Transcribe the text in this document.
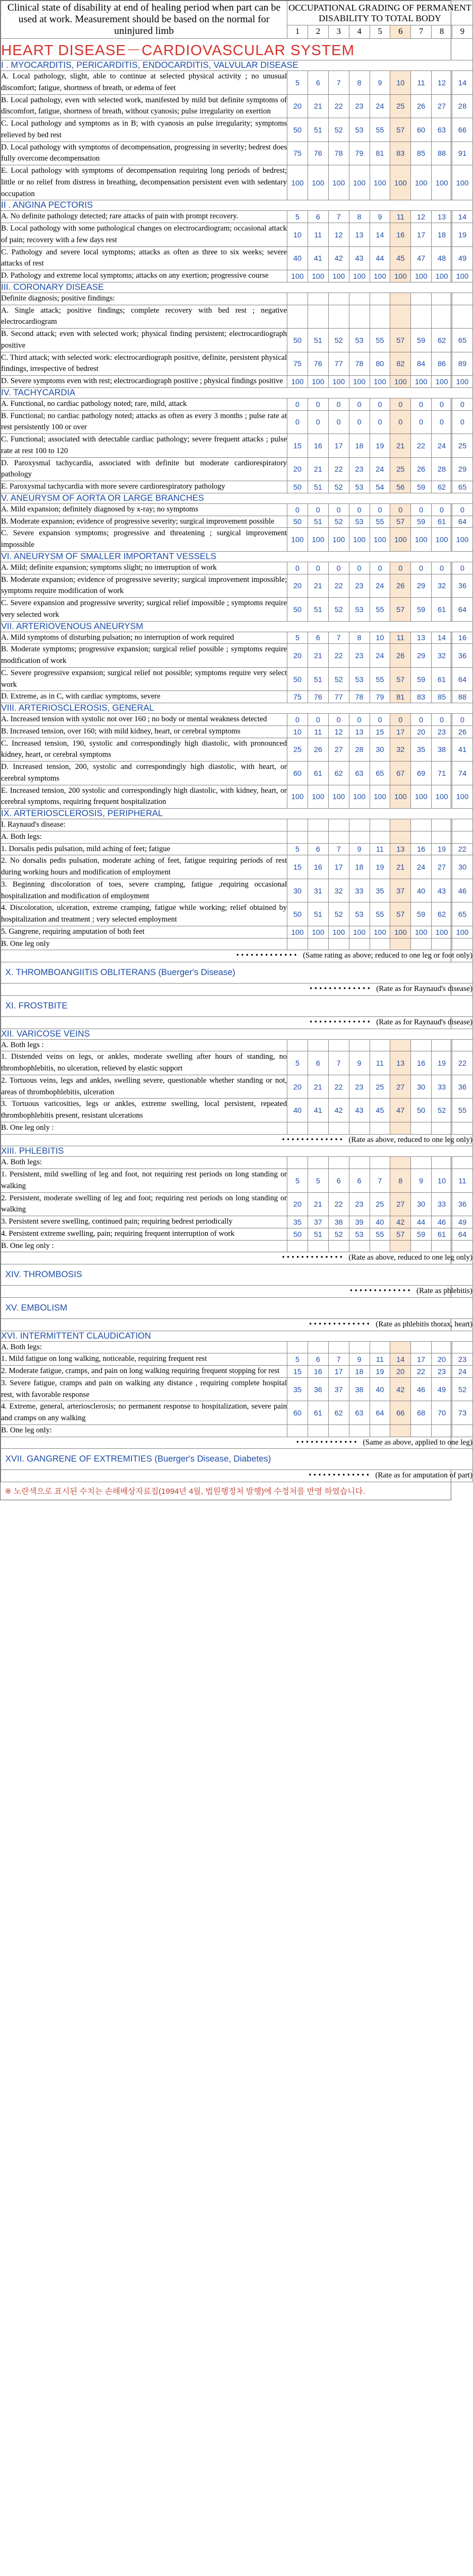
Clinical state of disability at end of healing period when part can be used at work. Measurement should be based on the normal for uninjured limb	OCCUPATIONAL GRADING OF PERMANENT DISABILITY TO TOTAL BODY								
	1	2	3	4	5	6	7	8	9
HEART DISEASE－CARDIOVASCULAR SYSTEM									
I . MYOCARDITIS, PERICARDITIS, ENDOCARDITIS, VALVULAR DISEASE									
A. Local pathology, slight, able to continue at selected physical activity ; no unusual discomfort; fatigue, shortness of breath, or edema of feet	5	6	7	8	9	10	11	12	14
B. Local pathology, even with selected work, manifested by mild but definite symptoms of discomfort, fatigue, shortness of breath, without cyanosis; pulse irregularity on exertion	20	21	22	23	24	25	26	27	28
C. Local pathology and symptoms as in B; with cyanosis an pulse irregularity; symptoms relieved by bed rest	50	51	52	53	55	57	60	63	66
D. Local pathology with symptoms of decompensation, progressing in severity; bedrest does fully overcome decompensation	75	76	78	79	81	83	85	88	91
E. Local pathology with symptoms of decompensation requiring long periods of bedrest; little or no relief from distress in breathing, decompensation persistent even with sedentary occupation	100	100	100	100	100	100	100	100	100
II . ANGINA PECTORIS									
A. No definite pathology detected; rare attacks of pain with prompt recovery.	5	6	7	8	9	11	12	13	14
B. Local pathology with some pathological changes on electrocardiogram; occasional attack of pain; recovery with a few days rest	10	11	12	13	14	16	17	18	19
C. Pathology and severe local symptoms; attacks as often as three to six weeks; severe attacks of rest	40	41	42	43	44	45	47	48	49
D. Pathology and extreme local symptoms; attacks on any exertion; progressive course	100	100	100	100	100	100	100	100	100
III. CORONARY DISEASE									
Definite diagnosis; positive findings:									
A. Single attack; positive findings; complete recovery with bed rest ; negative electrocardiogram									
B. Second attack; even with selected work; physical finding persistent; electrocardiograph positive	50	51	52	53	55	57	59	62	65
C. Third attack; with selected work: electrocardiograph positive, definite, persistent physical findings, irrespective of bedrest	75	76	77	78	80	82	84	86	89
D. Severe symptoms even with rest; electrocardiograph positive ; physical findings positive	100	100	100	100	100	100	100	100	100
IV. TACHYCARDIA									
A. Functional, no cardiac pathology noted; rare, mild, attack	0	0	0	0	0	0	0	0	0
B. Functional; no cardiac pathology noted; attacks as often as every 3 months ; pulse rate at rest persistently 100 or over	0	0	0	0	0	0	0	0	0
C. Functional; associated with detectable cardiac pathology; severe frequent attacks ; pulse rate at rest 100 to 120	15	16	17	18	19	21	22	24	25
D. Paroxysmal tachycardia, associated with definite but moderate cardiorespiratory pathology	20	21	22	23	24	25	26	28	29
E. Paroxysmal tachycardia with more severe cardiorespiratory pathology	50	51	52	53	54	56	59	62	65
V. ANEURYSM OF AORTA OR LARGE BRANCHES									
A. Mild expansion; definitely diagnosed by x-ray; no symptoms	0	0	0	0	0	0	0	0	0
B. Moderate expansion; evidence of progressive severity; surgical improvement possible	50	51	52	53	55	57	59	61	64
C. Severe expansion symptoms; progressive and threatening ; surgical improvement impossible	100	100	100	100	100	100	100	100	100
VI. ANEURYSM OF SMALLER IMPORTANT VESSELS									
A. Mild; definite expansion; symptoms slight; no interruption of work	0	0	0	0	0	0	0	0	0
B. Moderate expansion; evidence of progressive severity; surgical improvement impossible; symptoms require modification of work	20	21	22	23	24	26	29	32	36
C. Severe expansion and progressive severity; surgical relief impossible ; symptoms require very selected work	50	51	52	53	55	57	59	61	64
VII. ARTERIOVENOUS ANEURYSM									
A. Mild symptoms of disturbing pulsation; no interruption of work required	5	6	7	8	10	11	13	14	16
B. Moderate symptoms; progressive expansion; surgical relief possible ; symptoms require modification of work	20	21	22	23	24	26	29	32	36
C. Severe progressive expansion; surgical relief not possible; symptoms require very select work	50	51	52	53	55	57	59	61	64
D. Extreme, as in C, with cardiac symptoms, severe	75	76	77	78	79	81	83	85	88
VIII. ARTERIOSCLEROSIS, GENERAL									
A. Increased tension with systolic not over 160 ; no body or mental weakness detected	0	0	0	0	0	0	0	0	0
B. Increased tension, over 160; with mild kidney, heart, or cerebral symptoms	10	11	12	13	15	17	20	23	26
C. Increased tension, 190, systolic and correspondingly high diastolic, with pronounced kidney, heart, or cerebral symptoms	25	26	27	28	30	32	35	38	41
D. Increased tension, 200, systolic and correspondingly high diastolic, with heart, or cerebral symptoms	60	61	62	63	65	67	69	71	74
E. Increased tension, 200 systolic and correspondingly high diastolic, with kidney, heart, or cerebral symptoms, requiring frequent hospitalization	100	100	100	100	100	100	100	100	100
IX. ARTERIOSCLEROSIS, PERIPHERAL									
I. Raynaud's disease:									
A. Both legs:									
1. Dorsalis pedis pulsation, mild aching of feet; fatigue	5	6	7	9	11	13	16	19	22
2. No dorsalis pedis pulsation, moderate aching of feet, fatigue requiring periods of rest during working hours and modification of employment	15	16	17	18	19	21	24	27	30
3. Beginning discoloration of toes, severe cramping, fatigue ,requiring occasional hospitalization and modification of employment	30	31	32	33	35	37	40	43	46
4. Discoloration, ulceration, extreme cramping, fatigue while working; relief obtained by hospitalization and treatment ; very selected employment	50	51	52	53	55	57	59	62	65
5. Gangrene, requiring amputation of both feet	100	100	100	100	100	100	100	100	100
B. One leg only									
••••••••••••• (Same rating as above; reduced to one leg or foot only)									
X. THROMBOANGIITIS OBLITERANS (Buerger's Disease)									
••••••••••••• (Rate as for Raynaud's disease)									
XI. FROSTBITE									
••••••••••••• (Rate as for Raynaud's disease)									
XII. VARICOSE VEINS									
A. Both legs :									
1. Distended veins on legs, or ankles, moderate swelling after hours of standing, no thrombophlebitis, no ulceration, relieved by elastic support	5	6	7	9	11	13	16	19	22
2. Tortuous veins, legs and ankles, swelling severe, questionable whether standing or not, areas of thrombophlebitis, ulceration	20	21	22	23	25	27	30	33	36
3. Tortuous varicosities, legs or ankles, extreme swelling, local persistent, repeated thrombophlebitis present, resistant ulcerations	40	41	42	43	45	47	50	52	55
B. One leg only :									
••••••••••••• (Rate as above, reduced to one leg only)									
XIII. PHLEBITIS									
A. Both legs:									
1. Persistent, mild swelling of leg and foot, not requiring rest periods on long standing or walking	5	5	6	6	7	8	9	10	11
2. Persistent, moderate swelling of leg and foot; requiring rest periods on long standing or walking	20	21	22	23	25	27	30	33	36
3. Persistent severe swelling, continued pain; requiring bedrest periodically	35	37	38	39	40	42	44	46	49
4. Persistent extreme swelling, pain; requiring frequent interruption of work	50	51	52	53	55	57	59	61	64
B. One leg only :									
••••••••••••• (Rate as above, reduced to one leg only)									
XIV. THROMBOSIS									
••••••••••••• (Rate as phlebitis)									
XV. EMBOLISM									
••••••••••••• (Rate as phlebitis thorax, heart)									
XVI. INTERMITTENT CLAUDICATION									
A. Both legs:									
1. Mild fatigue on long walking, noticeable, requiring frequent rest	5	6	7	9	11	14	17	20	23
2. Moderate fatigue, cramps, and pain on long walking requiring frequent stopping for rest	15	16	17	18	19	20	22	23	24
3. Severe fatigue, cramps and pain on walking any distance , requiring complete hospital rest, with favorable response	35	36	37	38	40	42	46	49	52
4. Extreme, general, arteriosclerosis; no permanent response to hospitalization, severe pain and cramps on any walking	60	61	62	63	64	66	68	70	73
B. One leg only:									
••••••••••••• (Same as above, applied to one leg)									
XVII. GANGRENE OF EXTREMITIES (Buerger's Disease, Diabetes)									
••••••••••••• (Rate as for amputation of part)									
※ 노란색으로 표시된 수치는 손해배상자료집(1994년 4월, 법원행정처 발행)에 수정처를 반영 하였습니다.
